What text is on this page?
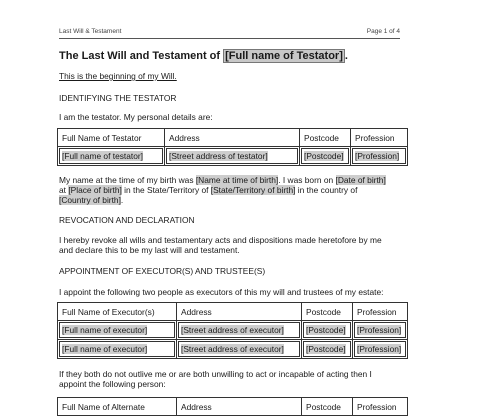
Last Will & Testament	Page 1 of 4
The Last Will and Testament of [Full name of Testator] .
This is the beginning of my Will.
IDENTIFYING THE TESTATOR
I am the testator. My personal details are:
Full Name of Testator	Address	Postcode	Profession

[Full name of testator]	[Street address of testator]	[Postcode]	[Profession]
My name at the time of my birth was [Name at time of birth]. I was born on [Date of birth]
at [Place of birth] in the State/Territory of [State/Territory of birth] in the country of
[Country of birth].
REVOCATION AND DECLARATION
I hereby revoke all wills and testamentary acts and dispositions made heretofore by me
and declare this to be my last will and testament.
APPOINTMENT OF EXECUTOR(S) AND TRUSTEE(S)
I appoint the following two people as executors of this my will and trustees of my estate:
Full Name of Executor(s)	Address	Postcode	Profession

[Full name of executor]	[Street address of executor]	[Postcode]	[Profession]

[Full name of executor]	[Street address of executor]	[Postcode]	[Profession]
If they both do not outlive me or are both unwilling to act or incapable of acting then I
appoint the following person:
Full Name of Alternate	Address	Postcode	Profession
